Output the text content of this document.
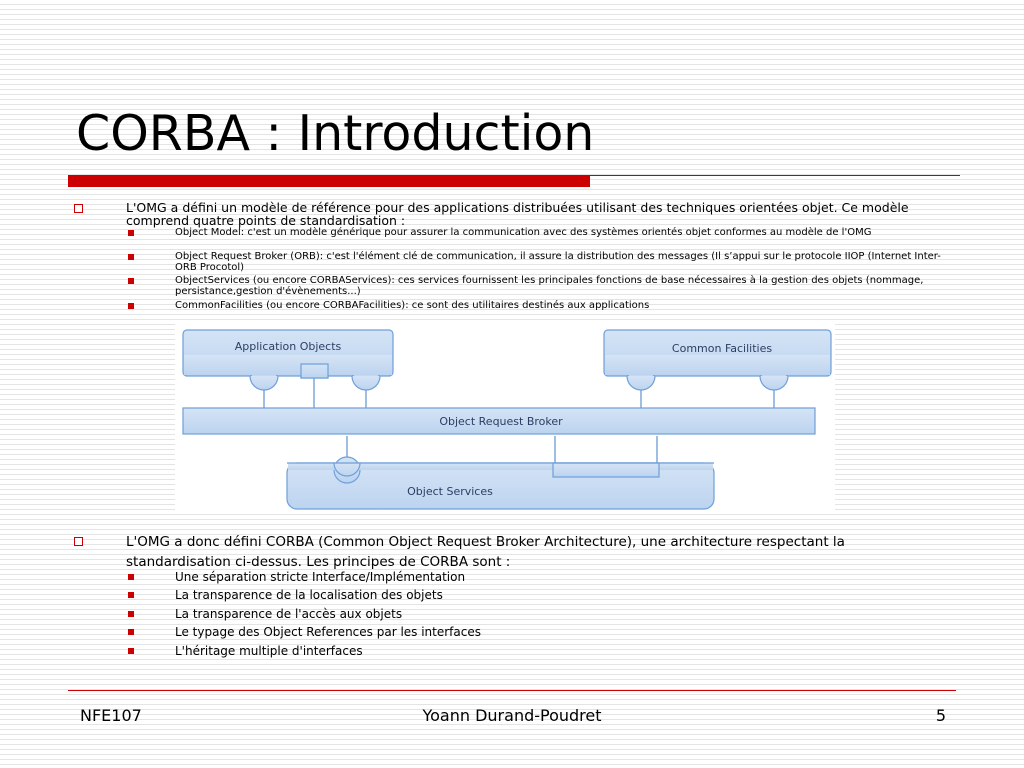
CORBA : Introduction
L'OMG a défini un modèle de référence pour des applications distribuées utilisant des techniques orientées objet. Ce modèle comprend quatre points de standardisation :
Object Model: c'est un modèle générique pour assurer la communication avec des systèmes orientés objet conformes au modèle de l'OMG
Object Request Broker (ORB): c'est l'élément clé de communication, il assure la distribution des messages (Il s’appui sur le protocole IIOP (Internet Inter-ORB Procotol)
ObjectServices (ou encore CORBAServices): ces services fournissent les principales fonctions de base nécessaires à la gestion des objets (nommage, persistance,gestion d'évènements...)
CommonFacilities (ou encore CORBAFacilities): ce sont des utilitaires destinés aux applications
Application Objects	Common Facilities
Object Request Broker
Object Services
L'OMG a donc défini CORBA (Common Object Request Broker Architecture), une architecture respectant la standardisation ci-dessus. Les principes de CORBA sont :
Une séparation stricte Interface/Implémentation
La transparence de la localisation des objets
La transparence de l'accès aux objets
Le typage des Object References par les interfaces
L'héritage multiple d'interfaces
NFE107	Yoann Durand-Poudret	5
